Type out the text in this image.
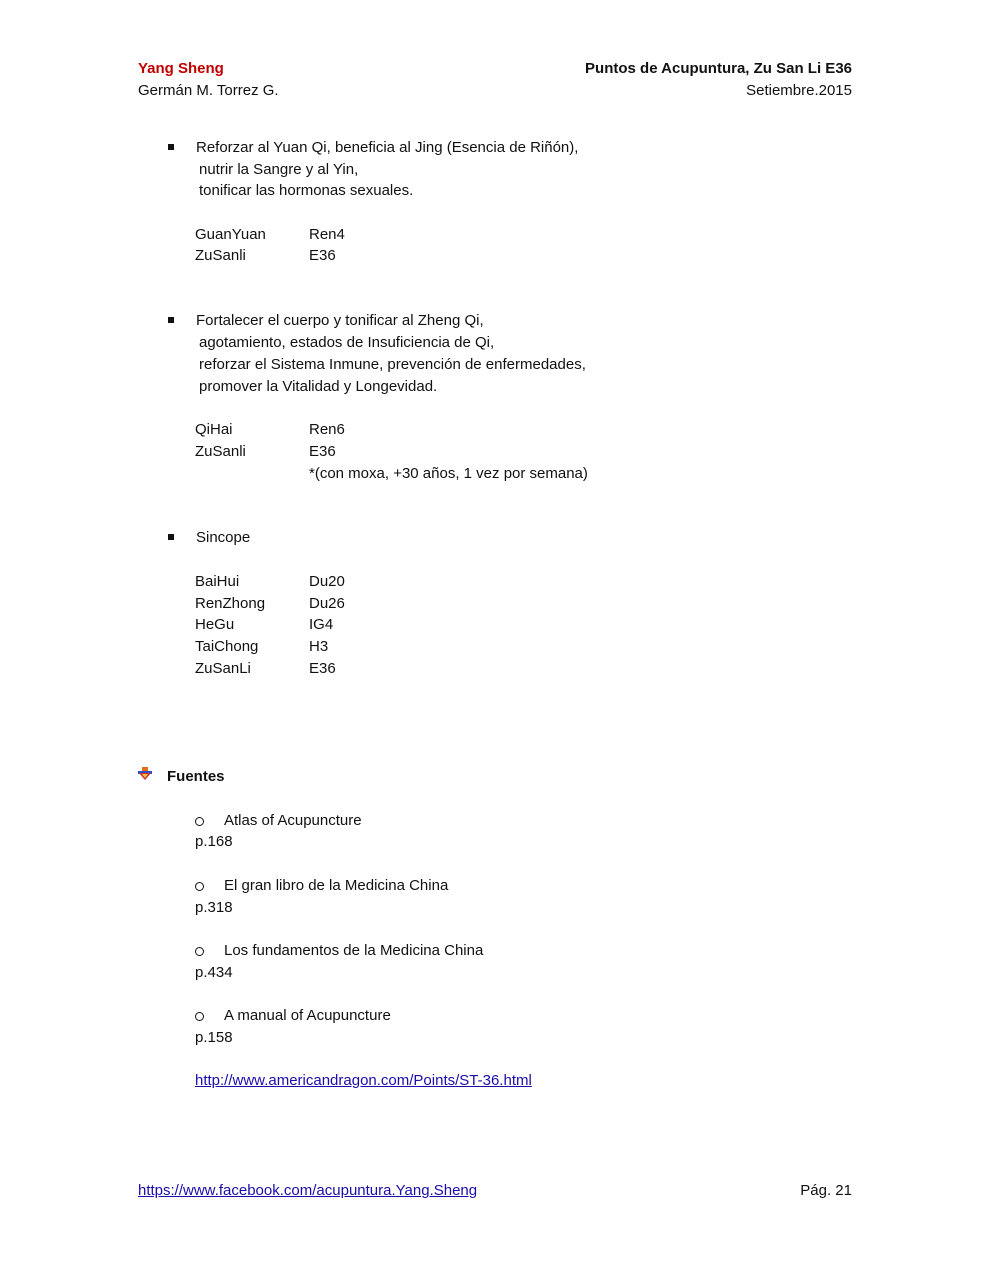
Yang Sheng
Germán M. Torrez G.
Puntos de Acupuntura, Zu San Li E36
Setiembre.2015
Reforzar al Yuan Qi, beneficia al Jing (Esencia de Riñón),
nutrir la Sangre y al Yin,
tonificar las hormonas sexuales.
GuanYuan	Ren4
ZuSanli	E36
Fortalecer el cuerpo y tonificar al Zheng Qi,
agotamiento, estados de Insuficiencia de Qi,
reforzar el Sistema Inmune, prevención de enfermedades,
promover la Vitalidad y Longevidad.
QiHai	Ren6
ZuSanli	E36
*(con moxa, +30 años, 1 vez por semana)
Sincope
BaiHui	Du20
RenZhong	Du26
HeGu	IG4
TaiChong	H3
ZuSanLi	E36
Fuentes
Atlas of Acupuncture
p.168
El gran libro de la Medicina China
p.318
Los fundamentos de la Medicina China
p.434
A manual of Acupuncture
p.158
http://www.americandragon.com/Points/ST-36.html
https://www.facebook.com/acupuntura.Yang.Sheng	Pág. 21
